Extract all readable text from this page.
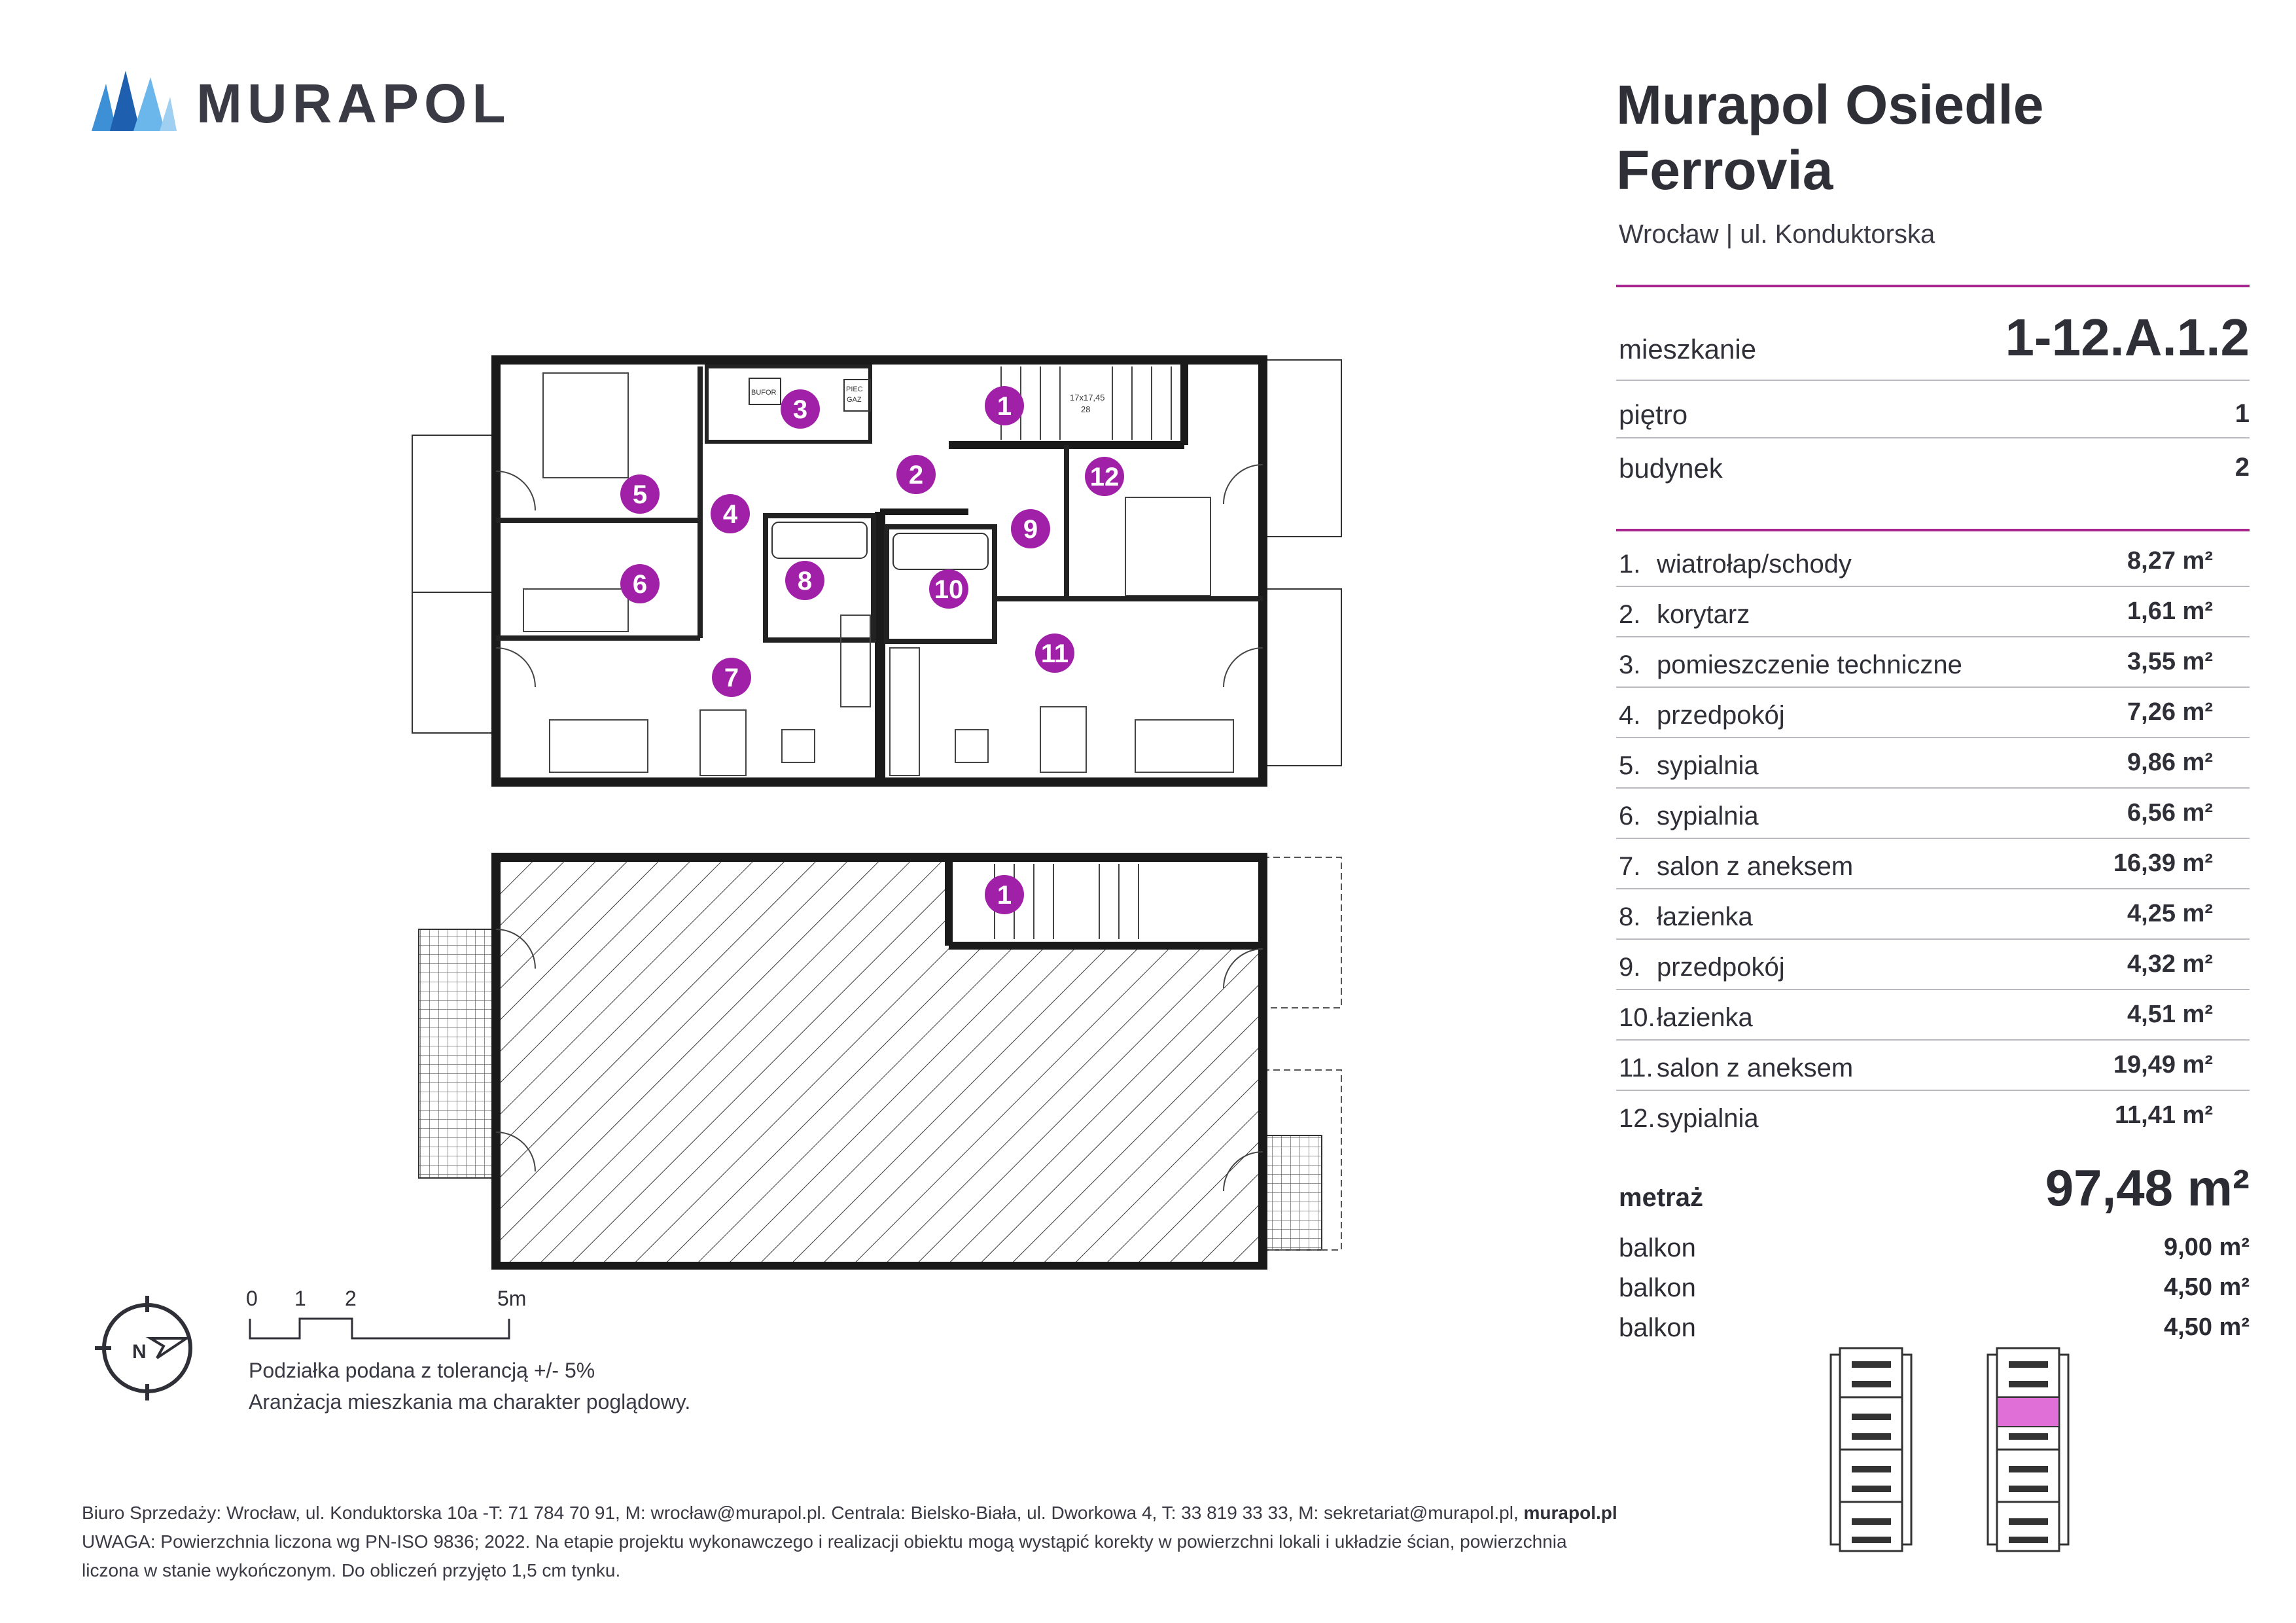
MURAPOL	Murapol Osiedle
Ferrovia
Wrocław | ul. Konduktorska
mieszkanie	1-12.A.1.2
piętro	1
budynek	2
1. wiatrołap/schody	8,27 m²
2. korytarz	1,61 m²
3. pomieszczenie techniczne	3,55 m²
4. przedpokój	7,26 m²
5. sypialnia	9,86 m²
6. sypialnia	6,56 m²
7. salon z aneksem	16,39 m²
8. łazienka	4,25 m²
9. przedpokój	4,32 m²
10. łazienka	4,51 m²
11. salon z aneksem	19,49 m²
12. sypialnia	11,41 m²
metraż	97,48 m²
balkon	9,00 m²
balkon	4,50 m²
balkon	4,50 m²
17x17,45
28
BUFOR	PIEC
GAZ	1
2
3
4
5
6
7
8
9
10
11
12
1
N
0 1 2	5m
Podziałka podana z tolerancją +/- 5%
Aranżacja mieszkania ma charakter poglądowy.
Biuro Sprzedaży: Wrocław, ul. Konduktorska 10a -T: 71 784 70 91, M: wrocław@murapol.pl. Centrala: Bielsko-Biała, ul. Dworkowa 4, T: 33 819 33 33, M: sekretariat@murapol.pl, murapol.pl
UWAGA: Powierzchnia liczona wg PN-ISO 9836; 2022. Na etapie projektu wykonawczego i realizacji obiektu mogą wystąpić korekty w powierzchni lokali i układzie ścian, powierzchnia
liczona w stanie wykończonym. Do obliczeń przyjęto 1,5 cm tynku.
